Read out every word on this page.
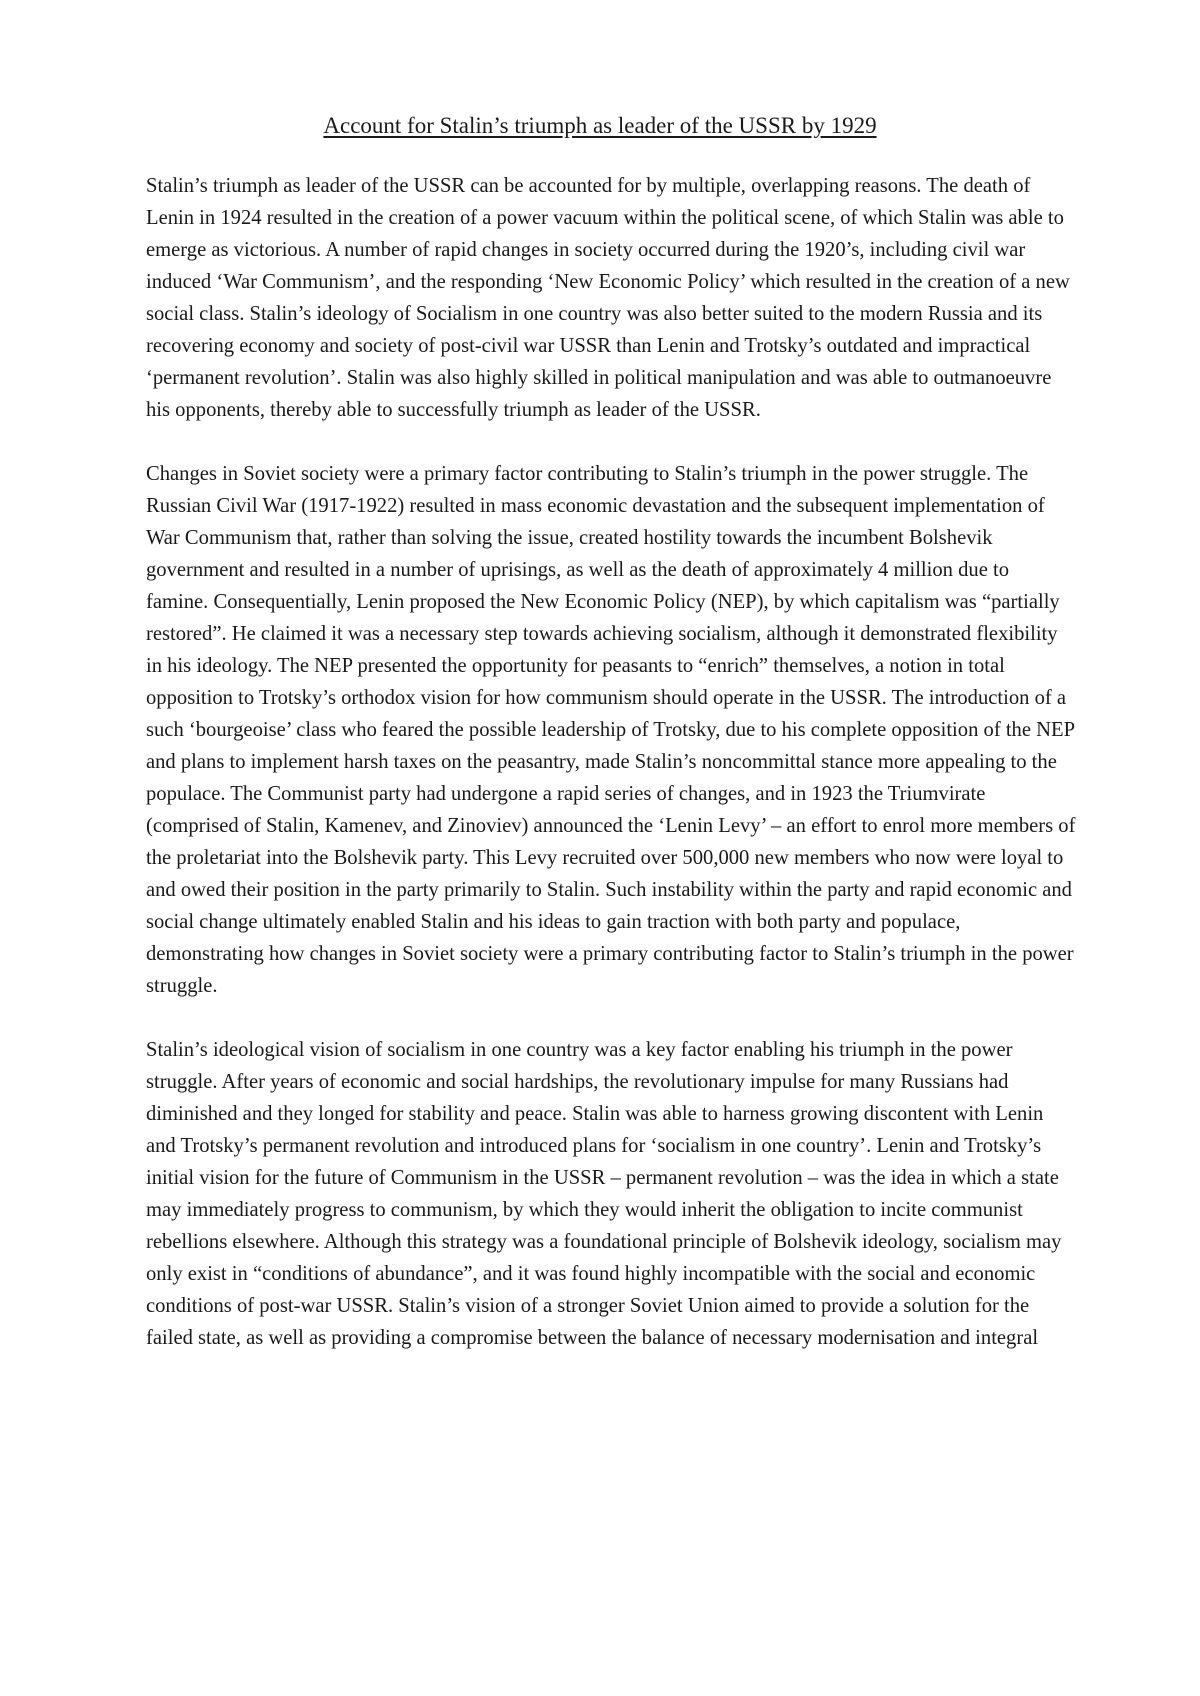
Account for Stalin’s triumph as leader of the USSR by 1929

Stalin’s triumph as leader of the USSR can be accounted for by multiple, overlapping reasons. The death of Lenin in 1924 resulted in the creation of a power vacuum within the political scene, of which Stalin was able to emerge as victorious. A number of rapid changes in society occurred during the 1920’s, including civil war induced ‘War Communism’, and the responding ‘New Economic Policy’ which resulted in the creation of a new social class. Stalin’s ideology of Socialism in one country was also better suited to the modern Russia and its recovering economy and society of post-civil war USSR than Lenin and Trotsky’s outdated and impractical ‘permanent revolution’. Stalin was also highly skilled in political manipulation and was able to outmanoeuvre his opponents, thereby able to successfully triumph as leader of the USSR.

Changes in Soviet society were a primary factor contributing to Stalin’s triumph in the power struggle. The Russian Civil War (1917-1922) resulted in mass economic devastation and the subsequent implementation of War Communism that, rather than solving the issue, created hostility towards the incumbent Bolshevik government and resulted in a number of uprisings, as well as the death of approximately 4 million due to famine. Consequentially, Lenin proposed the New Economic Policy (NEP), by which capitalism was “partially restored”. He claimed it was a necessary step towards achieving socialism, although it demonstrated flexibility in his ideology. The NEP presented the opportunity for peasants to “enrich” themselves, a notion in total opposition to Trotsky’s orthodox vision for how communism should operate in the USSR. The introduction of a such ‘bourgeoise’ class who feared the possible leadership of Trotsky, due to his complete opposition of the NEP and plans to implement harsh taxes on the peasantry, made Stalin’s noncommittal stance more appealing to the populace. The Communist party had undergone a rapid series of changes, and in 1923 the Triumvirate (comprised of Stalin, Kamenev, and Zinoviev) announced the ‘Lenin Levy’ – an effort to enrol more members of the proletariat into the Bolshevik party. This Levy recruited over 500,000 new members who now were loyal to and owed their position in the party primarily to Stalin. Such instability within the party and rapid economic and social change ultimately enabled Stalin and his ideas to gain traction with both party and populace, demonstrating how changes in Soviet society were a primary contributing factor to Stalin’s triumph in the power struggle.

Stalin’s ideological vision of socialism in one country was a key factor enabling his triumph in the power struggle. After years of economic and social hardships, the revolutionary impulse for many Russians had diminished and they longed for stability and peace. Stalin was able to harness growing discontent with Lenin and Trotsky’s permanent revolution and introduced plans for ‘socialism in one country’. Lenin and Trotsky’s initial vision for the future of Communism in the USSR – permanent revolution – was the idea in which a state may immediately progress to communism, by which they would inherit the obligation to incite communist rebellions elsewhere. Although this strategy was a foundational principle of Bolshevik ideology, socialism may only exist in “conditions of abundance”, and it was found highly incompatible with the social and economic conditions of post-war USSR. Stalin’s vision of a stronger Soviet Union aimed to provide a solution for the failed state, as well as providing a compromise between the balance of necessary modernisation and integral
